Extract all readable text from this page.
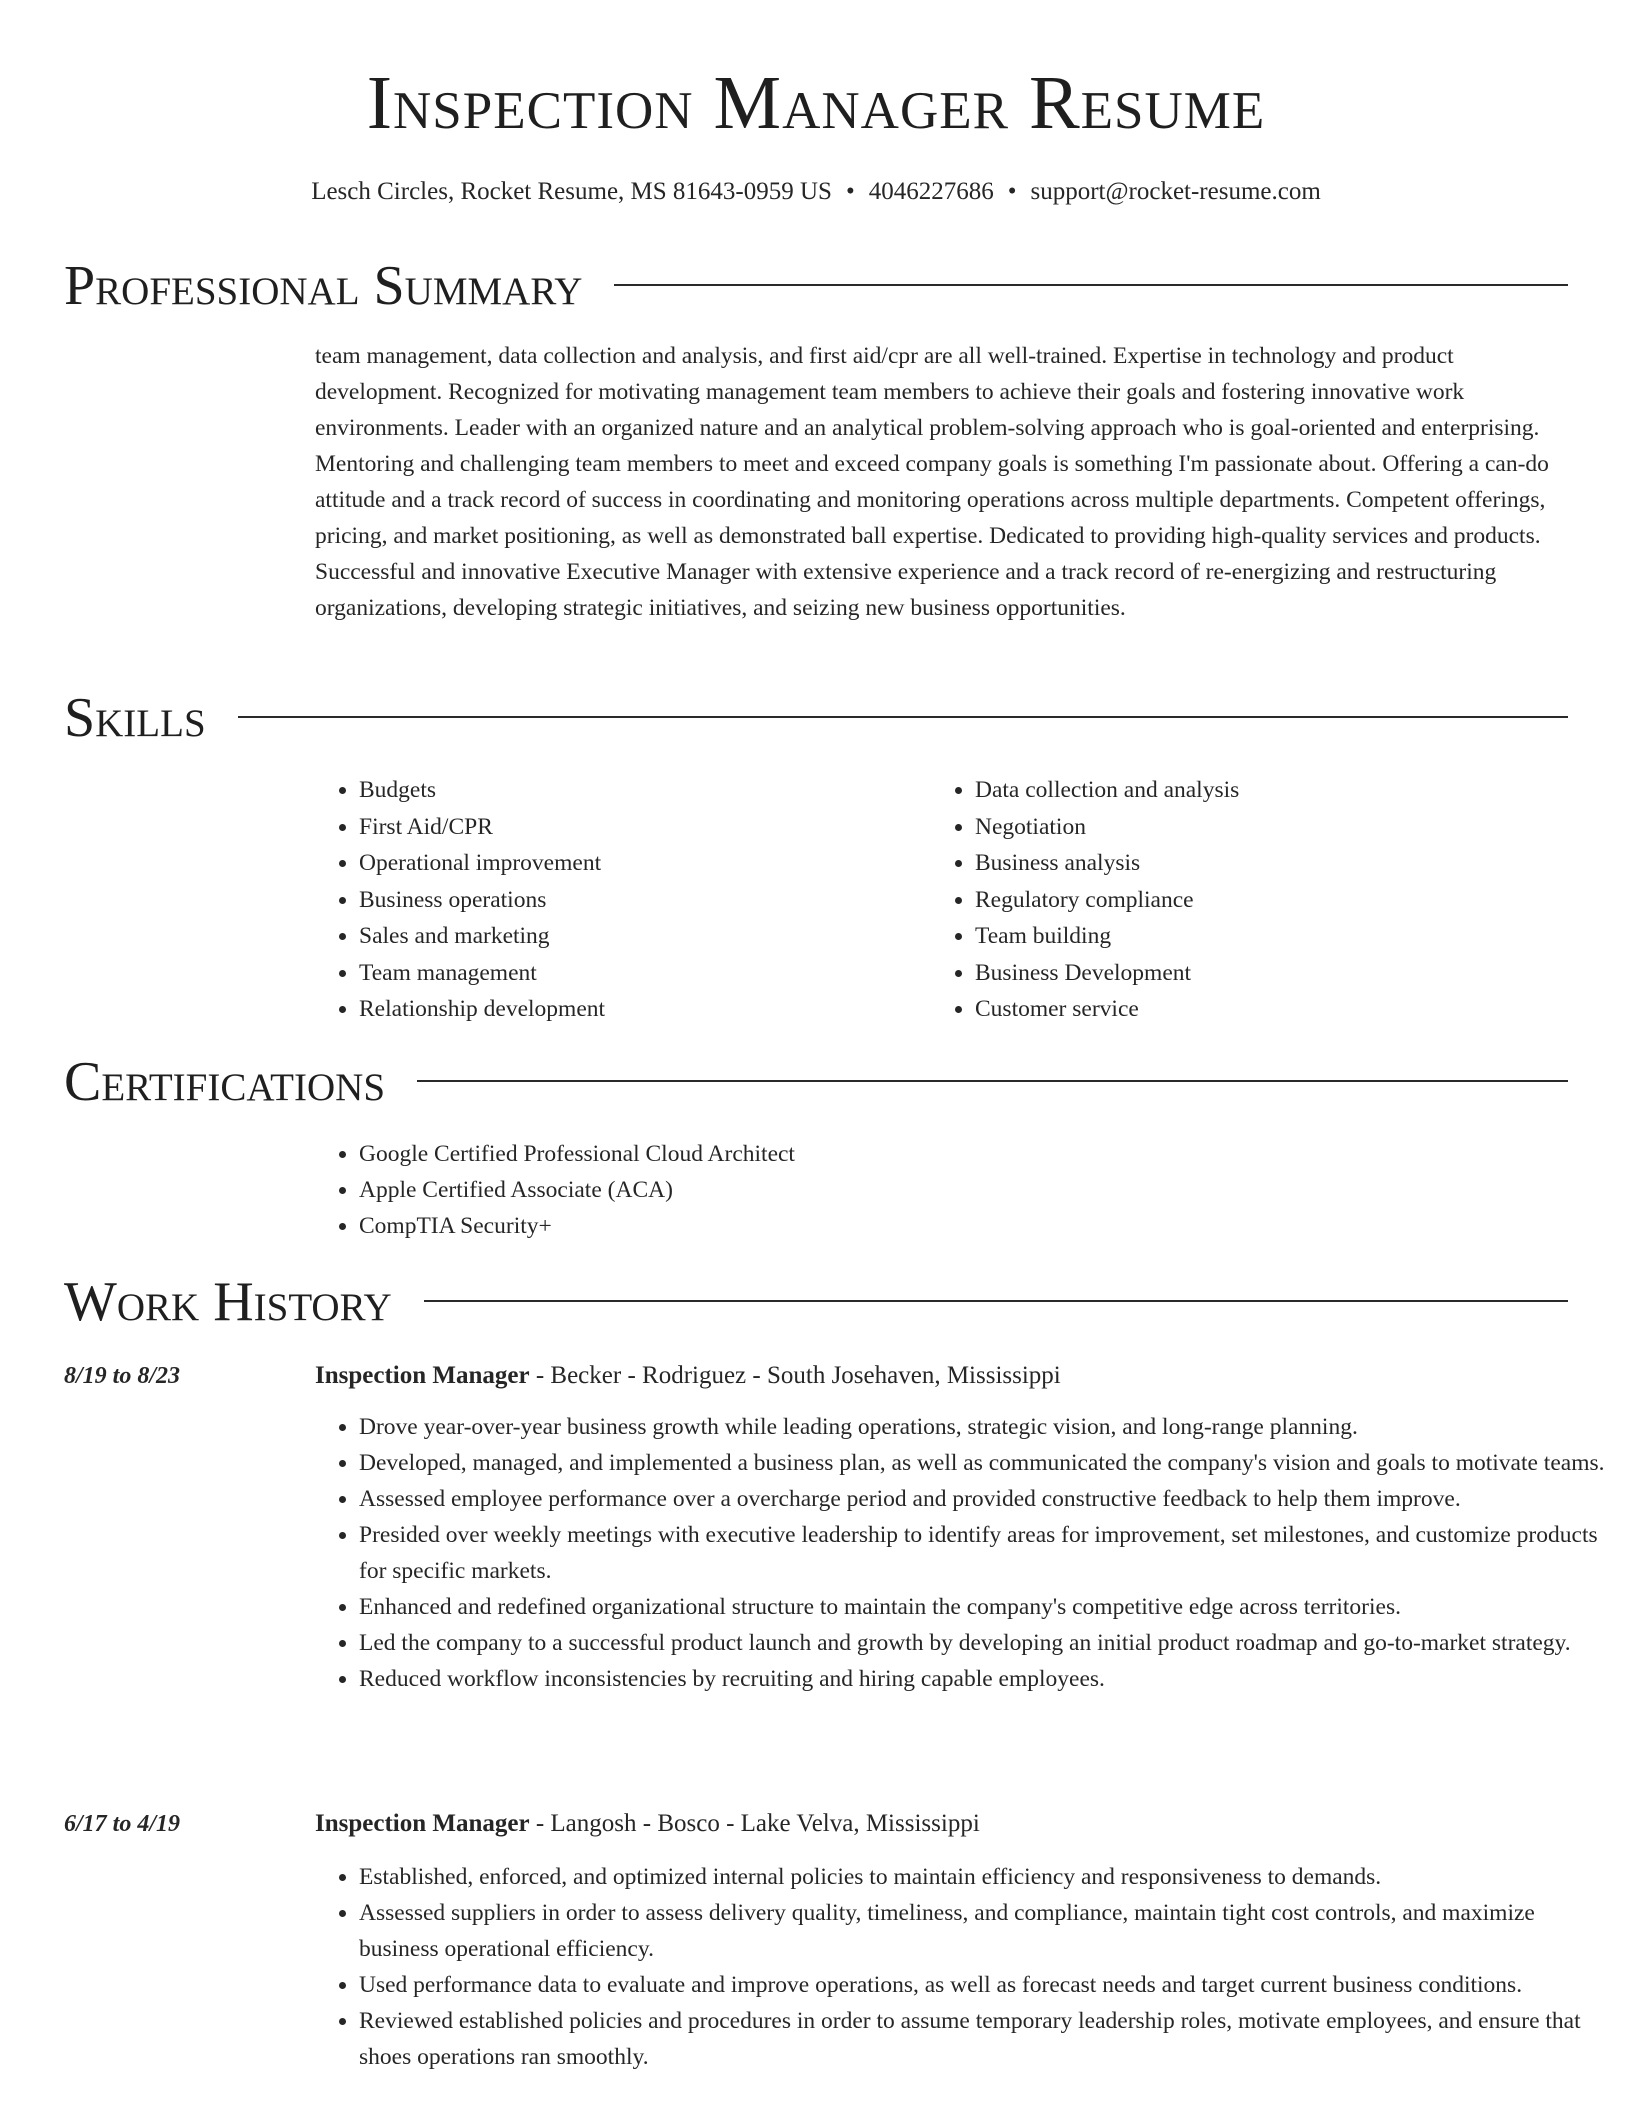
Inspection Manager Resume
Lesch Circles, Rocket Resume, MS 81643-0959 US • 4046227686 • support@rocket-resume.com
Professional Summary

team management, data collection and analysis, and first aid/cpr are all well-trained. Expertise in technology and product development. Recognized for motivating management team members to achieve their goals and fostering innovative work environments. Leader with an organized nature and an analytical problem-solving approach who is goal-oriented and enterprising. Mentoring and challenging team members to meet and exceed company goals is something I'm passionate about. Offering a can-do attitude and a track record of success in coordinating and monitoring operations across multiple departments. Competent offerings, pricing, and market positioning, as well as demonstrated ball expertise. Dedicated to providing high-quality services and products. Successful and innovative Executive Manager with extensive experience and a track record of re-energizing and restructuring organizations, developing strategic initiatives, and seizing new business opportunities.

Skills
• Budgets
• First Aid/CPR
• Operational improvement
• Business operations
• Sales and marketing
• Team management
• Relationship development
• Data collection and analysis
• Negotiation
• Business analysis
• Regulatory compliance
• Team building
• Business Development
• Customer service
Certifications
• Google Certified Professional Cloud Architect
• Apple Certified Associate (ACA)
• CompTIA Security+
Work History
8/19 to 8/23	Inspection Manager - Becker - Rodriguez - South Josehaven, Mississippi
• Drove year-over-year business growth while leading operations, strategic vision, and long-range planning.
• Developed, managed, and implemented a business plan, as well as communicated the company's vision and goals to motivate teams.
• Assessed employee performance over a overcharge period and provided constructive feedback to help them improve.
• Presided over weekly meetings with executive leadership to identify areas for improvement, set milestones, and customize products for specific markets.
• Enhanced and redefined organizational structure to maintain the company's competitive edge across territories.
• Led the company to a successful product launch and growth by developing an initial product roadmap and go-to-market strategy.
• Reduced workflow inconsistencies by recruiting and hiring capable employees.
6/17 to 4/19	Inspection Manager - Langosh - Bosco - Lake Velva, Mississippi
• Established, enforced, and optimized internal policies to maintain efficiency and responsiveness to demands.
• Assessed suppliers in order to assess delivery quality, timeliness, and compliance, maintain tight cost controls, and maximize business operational efficiency.
• Used performance data to evaluate and improve operations, as well as forecast needs and target current business conditions.
• Reviewed established policies and procedures in order to assume temporary leadership roles, motivate employees, and ensure that shoes operations ran smoothly.
